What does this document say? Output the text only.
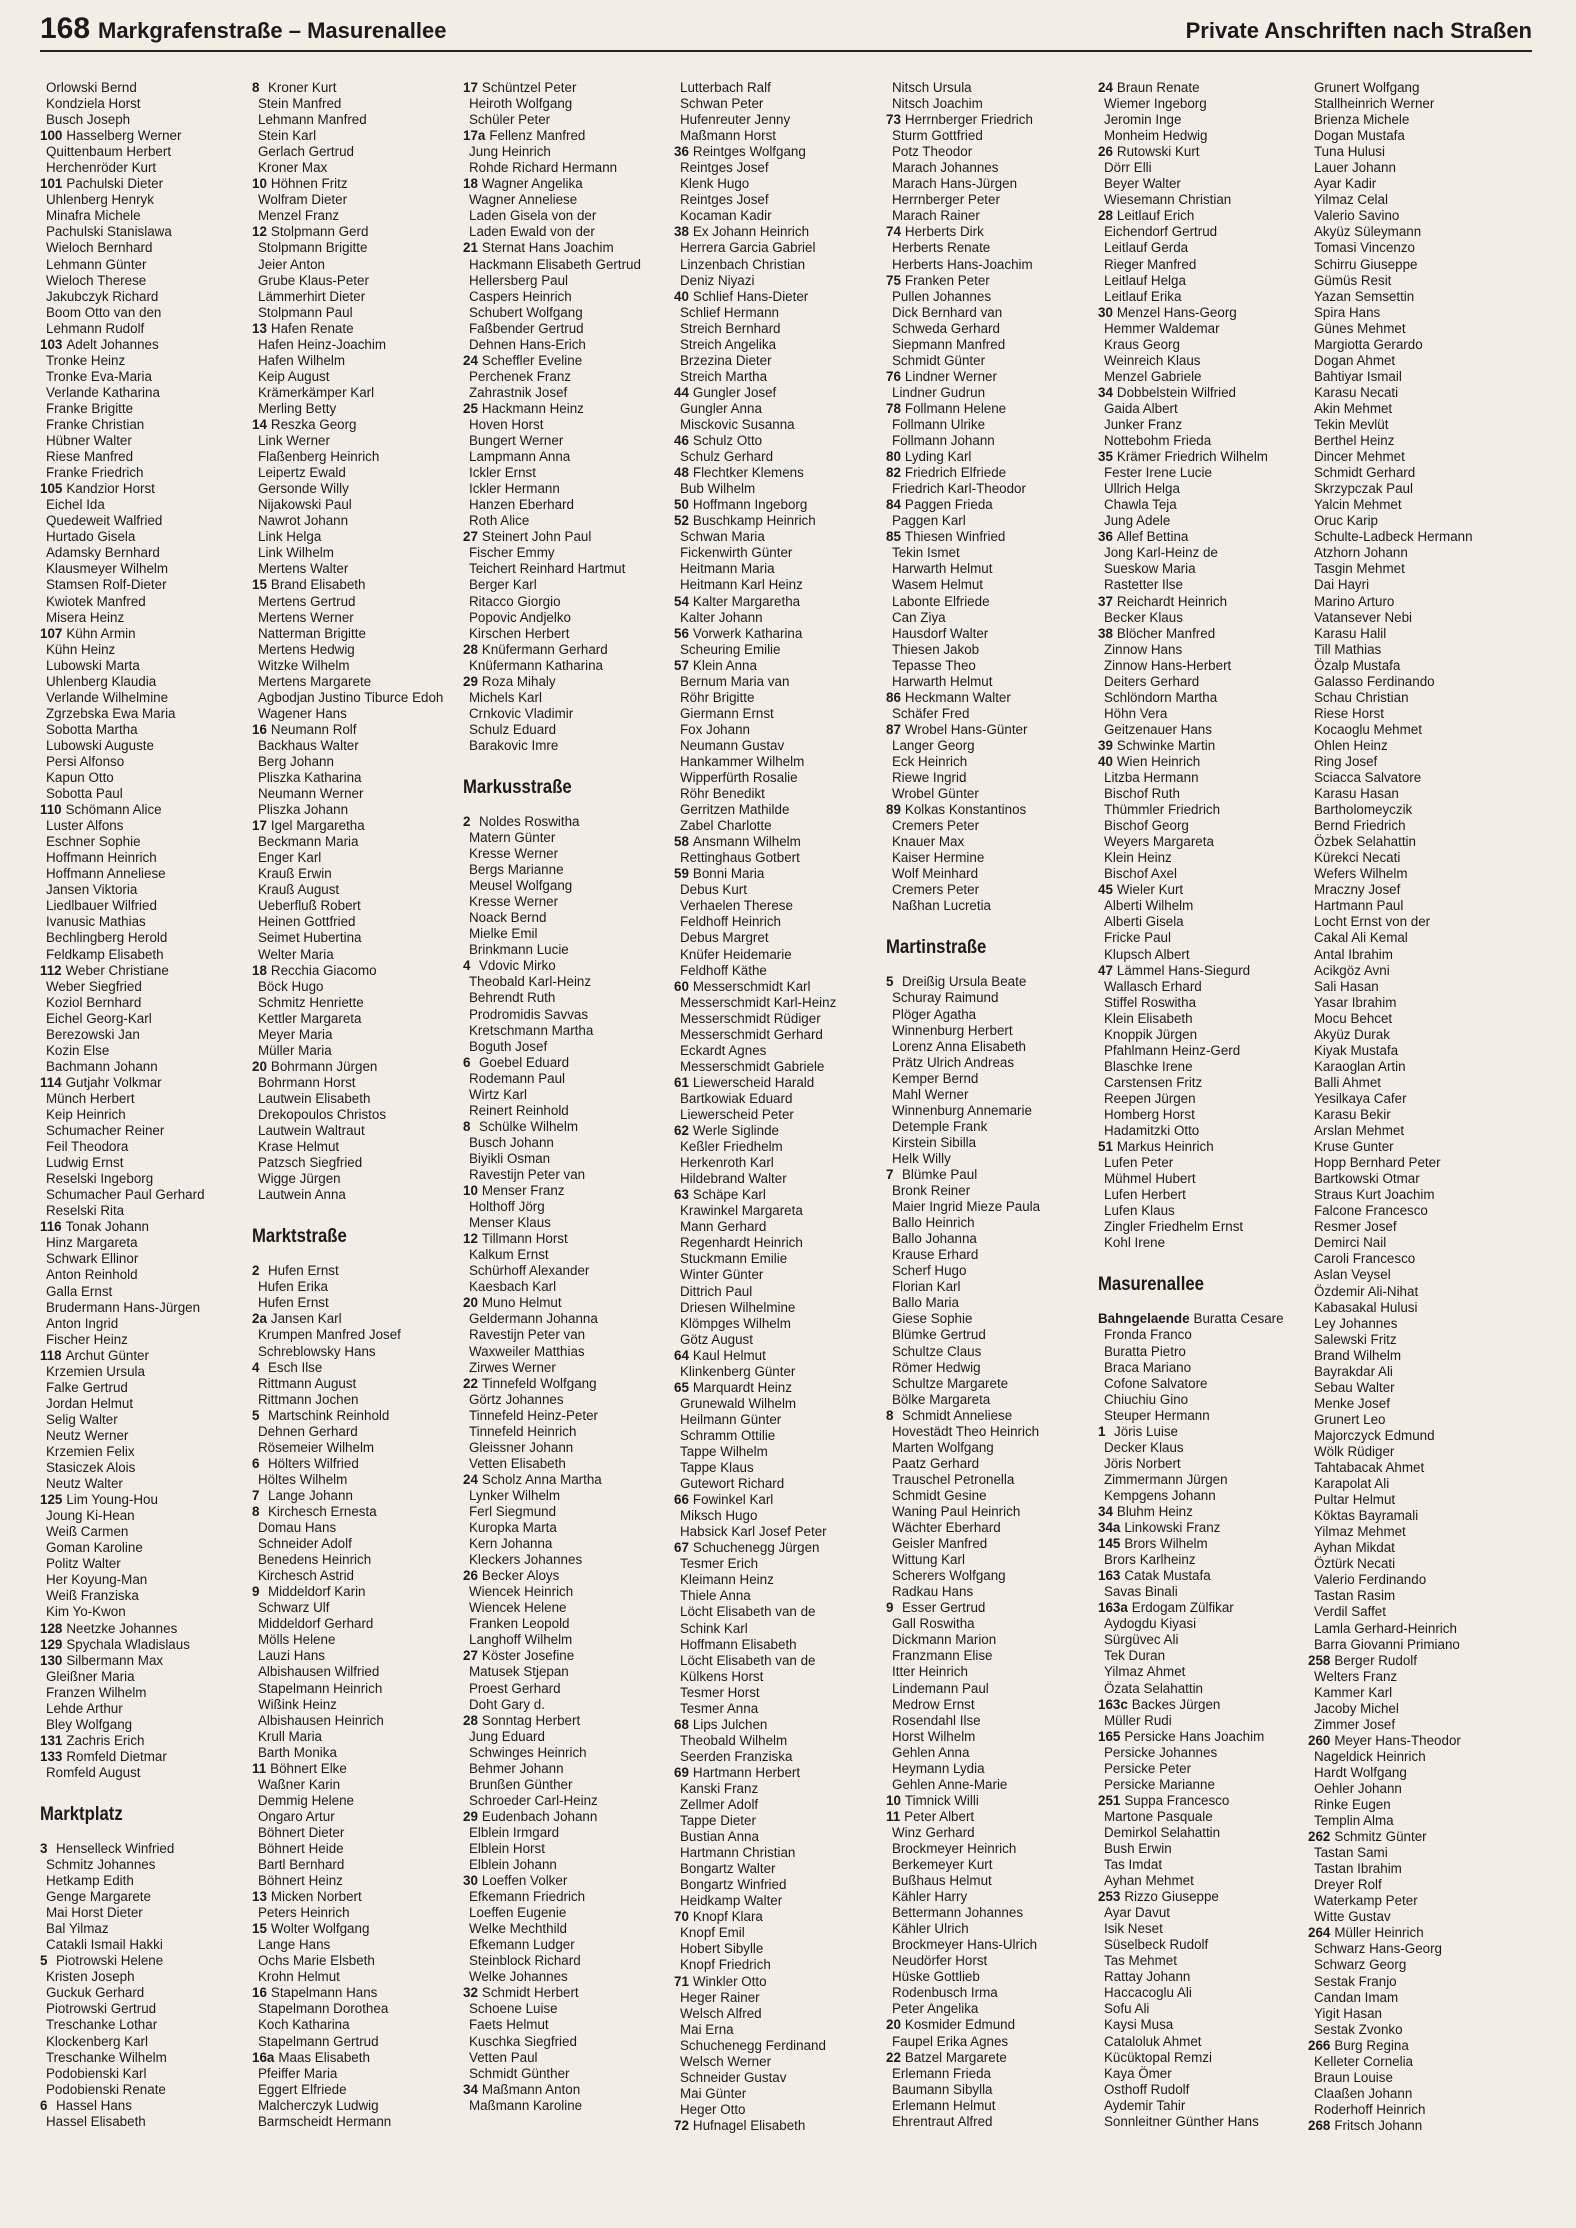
168 Markgrafenstraße – Masurenallee	Private Anschriften nach Straßen
Orlowski Bernd
Kondziela Horst
Busch Joseph
100 Hasselberg Werner
Quittenbaum Herbert
Herchenröder Kurt
101 Pachulski Dieter
Uhlenberg Henryk
Minafra Michele
Pachulski Stanislawa
Wieloch Bernhard
Lehmann Günter
Wieloch Therese
Jakubczyk Richard
Boom Otto van den
Lehmann Rudolf
103 Adelt Johannes
Tronke Heinz
Tronke Eva-Maria
Verlande Katharina
Franke Brigitte
Franke Christian
Hübner Walter
Riese Manfred
Franke Friedrich
105 Kandzior Horst
Eichel Ida
Quedeweit Walfried
Hurtado Gisela
Adamsky Bernhard
Klausmeyer Wilhelm
Stamsen Rolf-Dieter
Kwiotek Manfred
Misera Heinz
107 Kühn Armin
Kühn Heinz
Lubowski Marta
Uhlenberg Klaudia
Verlande Wilhelmine
Zgrzebska Ewa Maria
Sobotta Martha
Lubowski Auguste
Persi Alfonso
Kapun Otto
Sobotta Paul
110 Schömann Alice
Luster Alfons
Eschner Sophie
Hoffmann Heinrich
Hoffmann Anneliese
Jansen Viktoria
Liedlbauer Wilfried
Ivanusic Mathias
Bechlingberg Herold
Feldkamp Elisabeth
112 Weber Christiane
Weber Siegfried
Koziol Bernhard
Eichel Georg-Karl
Berezowski Jan
Kozin Else
Bachmann Johann
114 Gutjahr Volkmar
Münch Herbert
Keip Heinrich
Schumacher Reiner
Feil Theodora
Ludwig Ernst
Reselski Ingeborg
Schumacher Paul Gerhard
Reselski Rita
116 Tonak Johann
Hinz Margareta
Schwark Ellinor
Anton Reinhold
Galla Ernst
Brudermann Hans-Jürgen
Anton Ingrid
Fischer Heinz
118 Archut Günter
Krzemien Ursula
Falke Gertrud
Jordan Helmut
Selig Walter
Neutz Werner
Krzemien Felix
Stasiczek Alois
Neutz Walter
125 Lim Young-Hou
Joung Ki-Hean
Weiß Carmen
Goman Karoline
Politz Walter
Her Koyung-Man
Weiß Franziska
Kim Yo-Kwon
128 Neetzke Johannes
129 Spychala Wladislaus
130 Silbermann Max
Gleißner Maria
Franzen Wilhelm
Lehde Arthur
Bley Wolfgang
131 Zachris Erich
133 Romfeld Dietmar
Romfeld August
Marktplatz
3 Henselleck Winfried
Schmitz Johannes
Hetkamp Edith
Genge Margarete
Mai Horst Dieter
Bal Yilmaz
Catakli Ismail Hakki
5 Piotrowski Helene
Kristen Joseph
Guckuk Gerhard
Piotrowski Gertrud
Treschanke Lothar
Klockenberg Karl
Treschanke Wilhelm
Podobienski Karl
Podobienski Renate
6 Hassel Hans
Hassel Elisabeth
8 Kroner Kurt
Stein Manfred
Lehmann Manfred
Stein Karl
Gerlach Gertrud
Kroner Max
10 Höhnen Fritz
Wolfram Dieter
Menzel Franz
12 Stolpmann Gerd
Stolpmann Brigitte
Jeier Anton
Grube Klaus-Peter
Lämmerhirt Dieter
Stolpmann Paul
13 Hafen Renate
Hafen Heinz-Joachim
Hafen Wilhelm
Keip August
Krämerkämper Karl
Merling Betty
14 Reszka Georg
Link Werner
Flaßenberg Heinrich
Leipertz Ewald
Gersonde Willy
Nijakowski Paul
Nawrot Johann
Link Helga
Link Wilhelm
Mertens Walter
15 Brand Elisabeth
Mertens Gertrud
Mertens Werner
Natterman Brigitte
Mertens Hedwig
Witzke Wilhelm
Mertens Margarete
Agbodjan Justino Tiburce Edoh
Wagener Hans
16 Neumann Rolf
Backhaus Walter
Berg Johann
Pliszka Katharina
Neumann Werner
Pliszka Johann
17 Igel Margaretha
Beckmann Maria
Enger Karl
Krauß Erwin
Krauß August
Ueberfluß Robert
Heinen Gottfried
Seimet Hubertina
Welter Maria
18 Recchia Giacomo
Böck Hugo
Schmitz Henriette
Kettler Margareta
Meyer Maria
Müller Maria
20 Bohrmann Jürgen
Bohrmann Horst
Lautwein Elisabeth
Drekopoulos Christos
Lautwein Waltraut
Krase Helmut
Patzsch Siegfried
Wigge Jürgen
Lautwein Anna
Marktstraße
2 Hufen Ernst
Hufen Erika
Hufen Ernst
2a Jansen Karl
Krumpen Manfred Josef
Schreblowsky Hans
4 Esch Ilse
Rittmann August
Rittmann Jochen
5 Martschink Reinhold
Dehnen Gerhard
Rösemeier Wilhelm
6 Hölters Wilfried
Höltes Wilhelm
7 Lange Johann
8 Kirchesch Ernesta
Domau Hans
Schneider Adolf
Benedens Heinrich
Kirchesch Astrid
9 Middeldorf Karin
Schwarz Ulf
Middeldorf Gerhard
Mölls Helene
Lauzi Hans
Albishausen Wilfried
Stapelmann Heinrich
Wißink Heinz
Albishausen Heinrich
Krull Maria
Barth Monika
11 Böhnert Elke
Waßner Karin
Demmig Helene
Ongaro Artur
Böhnert Dieter
Böhnert Heide
Bartl Bernhard
Böhnert Heinz
13 Micken Norbert
Peters Heinrich
15 Wolter Wolfgang
Lange Hans
Ochs Marie Elsbeth
Krohn Helmut
16 Stapelmann Hans
Stapelmann Dorothea
Koch Katharina
Stapelmann Gertrud
16a Maas Elisabeth
Pfeiffer Maria
Eggert Elfriede
Malcherczyk Ludwig
Barmscheidt Hermann
17 Schüntzel Peter
Heiroth Wolfgang
Schüler Peter
17a Fellenz Manfred
Jung Heinrich
Rohde Richard Hermann
18 Wagner Angelika
Wagner Anneliese
Laden Gisela von der
Laden Ewald von der
21 Sternat Hans Joachim
Hackmann Elisabeth Gertrud
Hellersberg Paul
Caspers Heinrich
Schubert Wolfgang
Faßbender Gertrud
Dehnen Hans-Erich
24 Scheffler Eveline
Perchenek Franz
Zahrastnik Josef
25 Hackmann Heinz
Hoven Horst
Bungert Werner
Lampmann Anna
Ickler Ernst
Ickler Hermann
Hanzen Eberhard
Roth Alice
27 Steinert John Paul
Fischer Emmy
Teichert Reinhard Hartmut
Berger Karl
Ritacco Giorgio
Popovic Andjelko
Kirschen Herbert
28 Knüfermann Gerhard
Knüfermann Katharina
29 Roza Mihaly
Michels Karl
Crnkovic Vladimir
Schulz Eduard
Barakovic Imre
Markusstraße
2 Noldes Roswitha
Matern Günter
Kresse Werner
Bergs Marianne
Meusel Wolfgang
Kresse Werner
Noack Bernd
Mielke Emil
Brinkmann Lucie
4 Vdovic Mirko
Theobald Karl-Heinz
Behrendt Ruth
Prodromidis Savvas
Kretschmann Martha
Boguth Josef
6 Goebel Eduard
Rodemann Paul
Wirtz Karl
Reinert Reinhold
8 Schülke Wilhelm
Busch Johann
Biyikli Osman
Ravestijn Peter van
10 Menser Franz
Holthoff Jörg
Menser Klaus
12 Tillmann Horst
Kalkum Ernst
Schürhoff Alexander
Kaesbach Karl
20 Muno Helmut
Geldermann Johanna
Ravestijn Peter van
Waxweiler Matthias
Zirwes Werner
22 Tinnefeld Wolfgang
Görtz Johannes
Tinnefeld Heinz-Peter
Tinnefeld Heinrich
Gleissner Johann
Vetten Elisabeth
24 Scholz Anna Martha
Lynker Wilhelm
Ferl Siegmund
Kuropka Marta
Kern Johanna
Kleckers Johannes
26 Becker Aloys
Wiencek Heinrich
Wiencek Helene
Franken Leopold
Langhoff Wilhelm
27 Köster Josefine
Matusek Stjepan
Proest Gerhard
Doht Gary d.
28 Sonntag Herbert
Jung Eduard
Schwinges Heinrich
Behmer Johann
Brunßen Günther
Schroeder Carl-Heinz
29 Eudenbach Johann
Elblein Irmgard
Elblein Horst
Elblein Johann
30 Loeffen Volker
Efkemann Friedrich
Loeffen Eugenie
Welke Mechthild
Efkemann Ludger
Steinblock Richard
Welke Johannes
32 Schmidt Herbert
Schoene Luise
Faets Helmut
Kuschka Siegfried
Vetten Paul
Schmidt Günther
34 Maßmann Anton
Maßmann Karoline
Lutterbach Ralf
Schwan Peter
Hufenreuter Jenny
Maßmann Horst
36 Reintges Wolfgang
Reintges Josef
Klenk Hugo
Reintges Josef
Kocaman Kadir
38 Ex Johann Heinrich
Herrera Garcia Gabriel
Linzenbach Christian
Deniz Niyazi
40 Schlief Hans-Dieter
Schlief Hermann
Streich Bernhard
Streich Angelika
Brzezina Dieter
Streich Martha
44 Gungler Josef
Gungler Anna
Misckovic Susanna
46 Schulz Otto
Schulz Gerhard
48 Flechtker Klemens
Bub Wilhelm
50 Hoffmann Ingeborg
52 Buschkamp Heinrich
Schwan Maria
Fickenwirth Günter
Heitmann Maria
Heitmann Karl Heinz
54 Kalter Margaretha
Kalter Johann
56 Vorwerk Katharina
Scheuring Emilie
57 Klein Anna
Bernum Maria van
Röhr Brigitte
Giermann Ernst
Fox Johann
Neumann Gustav
Hankammer Wilhelm
Wipperfürth Rosalie
Röhr Benedikt
Gerritzen Mathilde
Zabel Charlotte
58 Ansmann Wilhelm
Rettinghaus Gotbert
59 Bonni Maria
Debus Kurt
Verhaelen Therese
Feldhoff Heinrich
Debus Margret
Knüfer Heidemarie
Feldhoff Käthe
60 Messerschmidt Karl
Messerschmidt Karl-Heinz
Messerschmidt Rüdiger
Messerschmidt Gerhard
Eckardt Agnes
Messerschmidt Gabriele
61 Liewerscheid Harald
Bartkowiak Eduard
Liewerscheid Peter
62 Werle Siglinde
Keßler Friedhelm
Herkenroth Karl
Hildebrand Walter
63 Schäpe Karl
Krawinkel Margareta
Mann Gerhard
Regenhardt Heinrich
Stuckmann Emilie
Winter Günter
Dittrich Paul
Driesen Wilhelmine
Klömpges Wilhelm
Götz August
64 Kaul Helmut
Klinkenberg Günter
65 Marquardt Heinz
Grunewald Wilhelm
Heilmann Günter
Schramm Ottilie
Tappe Wilhelm
Tappe Klaus
Gutewort Richard
66 Fowinkel Karl
Miksch Hugo
Habsick Karl Josef Peter
67 Schuchenegg Jürgen
Tesmer Erich
Kleimann Heinz
Thiele Anna
Löcht Elisabeth van de
Schink Karl
Hoffmann Elisabeth
Löcht Elisabeth van de
Külkens Horst
Tesmer Horst
Tesmer Anna
68 Lips Julchen
Theobald Wilhelm
Seerden Franziska
69 Hartmann Herbert
Kanski Franz
Zellmer Adolf
Tappe Dieter
Bustian Anna
Hartmann Christian
Bongartz Walter
Bongartz Winfried
Heidkamp Walter
70 Knopf Klara
Knopf Emil
Hobert Sibylle
Knopf Friedrich
71 Winkler Otto
Heger Rainer
Welsch Alfred
Mai Erna
Schuchenegg Ferdinand
Welsch Werner
Schneider Gustav
Mai Günter
Heger Otto
72 Hufnagel Elisabeth
Nitsch Ursula
Nitsch Joachim
73 Herrnberger Friedrich
Sturm Gottfried
Potz Theodor
Marach Johannes
Marach Hans-Jürgen
Herrnberger Peter
Marach Rainer
74 Herberts Dirk
Herberts Renate
Herberts Hans-Joachim
75 Franken Peter
Pullen Johannes
Dick Bernhard van
Schweda Gerhard
Siepmann Manfred
Schmidt Günter
76 Lindner Werner
Lindner Gudrun
78 Follmann Helene
Follmann Ulrike
Follmann Johann
80 Lyding Karl
82 Friedrich Elfriede
Friedrich Karl-Theodor
84 Paggen Frieda
Paggen Karl
85 Thiesen Winfried
Tekin Ismet
Harwarth Helmut
Wasem Helmut
Labonte Elfriede
Can Ziya
Hausdorf Walter
Thiesen Jakob
Tepasse Theo
Harwarth Helmut
86 Heckmann Walter
Schäfer Fred
87 Wrobel Hans-Günter
Langer Georg
Eck Heinrich
Riewe Ingrid
Wrobel Günter
89 Kolkas Konstantinos
Cremers Peter
Knauer Max
Kaiser Hermine
Wolf Meinhard
Cremers Peter
Naßhan Lucretia
Martinstraße
5 Dreißig Ursula Beate
Schuray Raimund
Plöger Agatha
Winnenburg Herbert
Lorenz Anna Elisabeth
Prätz Ulrich Andreas
Kemper Bernd
Mahl Werner
Winnenburg Annemarie
Detemple Frank
Kirstein Sibilla
Helk Willy
7 Blümke Paul
Bronk Reiner
Maier Ingrid Mieze Paula
Ballo Heinrich
Ballo Johanna
Krause Erhard
Scherf Hugo
Florian Karl
Ballo Maria
Giese Sophie
Blümke Gertrud
Schultze Claus
Römer Hedwig
Schultze Margarete
Bölke Margareta
8 Schmidt Anneliese
Hovestädt Theo Heinrich
Marten Wolfgang
Paatz Gerhard
Trauschel Petronella
Schmidt Gesine
Waning Paul Heinrich
Wächter Eberhard
Geisler Manfred
Wittung Karl
Scherers Wolfgang
Radkau Hans
9 Esser Gertrud
Gall Roswitha
Dickmann Marion
Franzmann Elise
Itter Heinrich
Lindemann Paul
Medrow Ernst
Rosendahl Ilse
Horst Wilhelm
Gehlen Anna
Heymann Lydia
Gehlen Anne-Marie
10 Timnick Willi
11 Peter Albert
Winz Gerhard
Brockmeyer Heinrich
Berkemeyer Kurt
Bußhaus Helmut
Kähler Harry
Bettermann Johannes
Kähler Ulrich
Brockmeyer Hans-Ulrich
Neudörfer Horst
Hüske Gottlieb
Rodenbusch Irma
Peter Angelika
20 Kosmider Edmund
Faupel Erika Agnes
22 Batzel Margarete
Erlemann Frieda
Baumann Sibylla
Erlemann Helmut
Ehrentraut Alfred
24 Braun Renate
Wiemer Ingeborg
Jeromin Inge
Monheim Hedwig
26 Rutowski Kurt
Dörr Elli
Beyer Walter
Wiesemann Christian
28 Leitlauf Erich
Eichendorf Gertrud
Leitlauf Gerda
Rieger Manfred
Leitlauf Helga
Leitlauf Erika
30 Menzel Hans-Georg
Hemmer Waldemar
Kraus Georg
Weinreich Klaus
Menzel Gabriele
34 Dobbelstein Wilfried
Gaida Albert
Junker Franz
Nottebohm Frieda
35 Krämer Friedrich Wilhelm
Fester Irene Lucie
Ullrich Helga
Chawla Teja
Jung Adele
36 Allef Bettina
Jong Karl-Heinz de
Sueskow Maria
Rastetter Ilse
37 Reichardt Heinrich
Becker Klaus
38 Blöcher Manfred
Zinnow Hans
Zinnow Hans-Herbert
Deiters Gerhard
Schlöndorn Martha
Höhn Vera
Geitzenauer Hans
39 Schwinke Martin
40 Wien Heinrich
Litzba Hermann
Bischof Ruth
Thümmler Friedrich
Bischof Georg
Weyers Margareta
Klein Heinz
Bischof Axel
45 Wieler Kurt
Alberti Wilhelm
Alberti Gisela
Fricke Paul
Klupsch Albert
47 Lämmel Hans-Siegurd
Wallasch Erhard
Stiffel Roswitha
Klein Elisabeth
Knoppik Jürgen
Pfahlmann Heinz-Gerd
Blaschke Irene
Carstensen Fritz
Reepen Jürgen
Homberg Horst
Hadamitzki Otto
51 Markus Heinrich
Lufen Peter
Mühmel Hubert
Lufen Herbert
Lufen Klaus
Zingler Friedhelm Ernst
Kohl Irene
Masurenallee
Bahngelaende Buratta Cesare
Fronda Franco
Buratta Pietro
Braca Mariano
Cofone Salvatore
Chiuchiu Gino
Steuper Hermann
1 Jöris Luise
Decker Klaus
Jöris Norbert
Zimmermann Jürgen
Kempgens Johann
34 Bluhm Heinz
34a Linkowski Franz
145 Brors Wilhelm
Brors Karlheinz
163 Catak Mustafa
Savas Binali
163a Erdogam Zülfikar
Aydogdu Kiyasi
Sürgüvec Ali
Tek Duran
Yilmaz Ahmet
Özata Selahattin
163c Backes Jürgen
Müller Rudi
165 Persicke Hans Joachim
Persicke Johannes
Persicke Peter
Persicke Marianne
251 Suppa Francesco
Martone Pasquale
Demirkol Selahattin
Bush Erwin
Tas Imdat
Ayhan Mehmet
253 Rizzo Giuseppe
Ayar Davut
Isik Neset
Süselbeck Rudolf
Tas Mehmet
Rattay Johann
Haccacoglu Ali
Sofu Ali
Kaysi Musa
Cataloluk Ahmet
Kücüktopal Remzi
Kaya Ömer
Osthoff Rudolf
Aydemir Tahir
Sonnleitner Günther Hans
Grunert Wolfgang
Stallheinrich Werner
Brienza Michele
Dogan Mustafa
Tuna Hulusi
Lauer Johann
Ayar Kadir
Yilmaz Celal
Valerio Savino
Akyüz Süleymann
Tomasi Vincenzo
Schirru Giuseppe
Gümüs Resit
Yazan Semsettin
Spira Hans
Günes Mehmet
Margiotta Gerardo
Dogan Ahmet
Bahtiyar Ismail
Karasu Necati
Akin Mehmet
Tekin Mevlüt
Berthel Heinz
Dincer Mehmet
Schmidt Gerhard
Skrzypczak Paul
Yalcin Mehmet
Oruc Karip
Schulte-Ladbeck Hermann
Atzhorn Johann
Tasgin Mehmet
Dai Hayri
Marino Arturo
Vatansever Nebi
Karasu Halil
Till Mathias
Özalp Mustafa
Galasso Ferdinando
Schau Christian
Riese Horst
Kocaoglu Mehmet
Ohlen Heinz
Ring Josef
Sciacca Salvatore
Karasu Hasan
Bartholomeyczik
Bernd Friedrich
Özbek Selahattin
Kürekci Necati
Wefers Wilhelm
Mraczny Josef
Hartmann Paul
Locht Ernst von der
Cakal Ali Kemal
Antal Ibrahim
Acikgöz Avni
Sali Hasan
Yasar Ibrahim
Mocu Behcet
Akyüz Durak
Kiyak Mustafa
Karaoglan Artin
Balli Ahmet
Yesilkaya Cafer
Karasu Bekir
Arslan Mehmet
Kruse Gunter
Hopp Bernhard Peter
Bartkowski Otmar
Straus Kurt Joachim
Falcone Francesco
Resmer Josef
Demirci Nail
Caroli Francesco
Aslan Veysel
Özdemir Ali-Nihat
Kabasakal Hulusi
Ley Johannes
Salewski Fritz
Brand Wilhelm
Bayrakdar Ali
Sebau Walter
Menke Josef
Grunert Leo
Majorczyck Edmund
Wölk Rüdiger
Tahtabacak Ahmet
Karapolat Ali
Pultar Helmut
Köktas Bayramali
Yilmaz Mehmet
Ayhan Mikdat
Öztürk Necati
Valerio Ferdinando
Tastan Rasim
Verdil Saffet
Lamla Gerhard-Heinrich
Barra Giovanni Primiano
258 Berger Rudolf
Welters Franz
Kammer Karl
Jacoby Michel
Zimmer Josef
260 Meyer Hans-Theodor
Nageldick Heinrich
Hardt Wolfgang
Oehler Johann
Rinke Eugen
Templin Alma
262 Schmitz Günter
Tastan Sami
Tastan Ibrahim
Dreyer Rolf
Waterkamp Peter
Witte Gustav
264 Müller Heinrich
Schwarz Hans-Georg
Schwarz Georg
Sestak Franjo
Candan Imam
Yigit Hasan
Sestak Zvonko
266 Burg Regina
Kelleter Cornelia
Braun Louise
Claaßen Johann
Roderhoff Heinrich
268 Fritsch Johann
